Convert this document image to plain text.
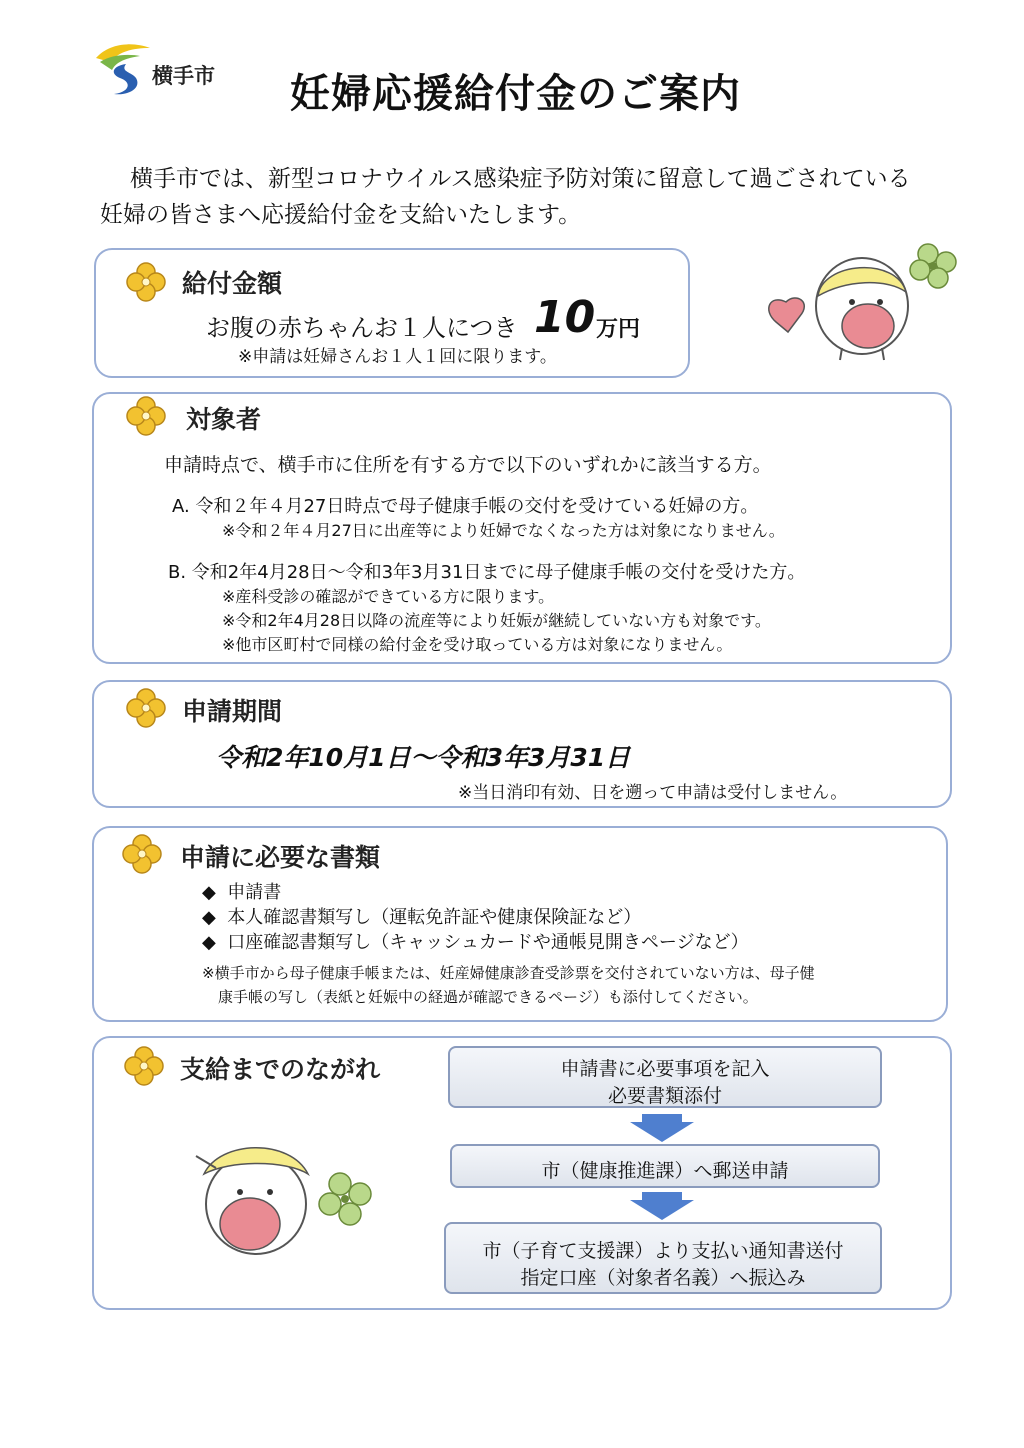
横手市 妊婦応援給付金のご案内
横手市では、新型コロナウイルス感染症予防対策に留意して過ごされている
妊婦の皆さまへ応援給付金を支給いたします。
給付金額
お腹の赤ちゃんお１人につき 10 万円
※申請は妊婦さんお１人１回に限ります。
対象者
申請時点で、横手市に住所を有する方で以下のいずれかに該当する方。
A. 令和２年４月27日時点で母子健康手帳の交付を受けている妊婦の方。
※令和２年４月27日に出産等により妊婦でなくなった方は対象になりません。
B. 令和2年4月28日～令和3年3月31日までに母子健康手帳の交付を受けた方。
※産科受診の確認ができている方に限ります。
※令和2年4月28日以降の流産等により妊娠が継続していない方も対象です。
※他市区町村で同様の給付金を受け取っている方は対象になりません。
申請期間
令和2年10月1日～令和3年3月31日
※当日消印有効、日を遡って申請は受付しません。
申請に必要な書類
◆ 申請書
◆ 本人確認書類写し（運転免許証や健康保険証など）
◆ 口座確認書類写し（キャッシュカードや通帳見開きページなど）
※横手市から母子健康手帳または、妊産婦健康診査受診票を交付されていない方は、母子健
康手帳の写し（表紙と妊娠中の経過が確認できるページ）も添付してください。
支給までのながれ	申請書に必要事項を記入
必要書類添付
市（健康推進課）へ郵送申請
市（子育て支援課）より支払い通知書送付
指定口座（対象者名義）へ振込み
